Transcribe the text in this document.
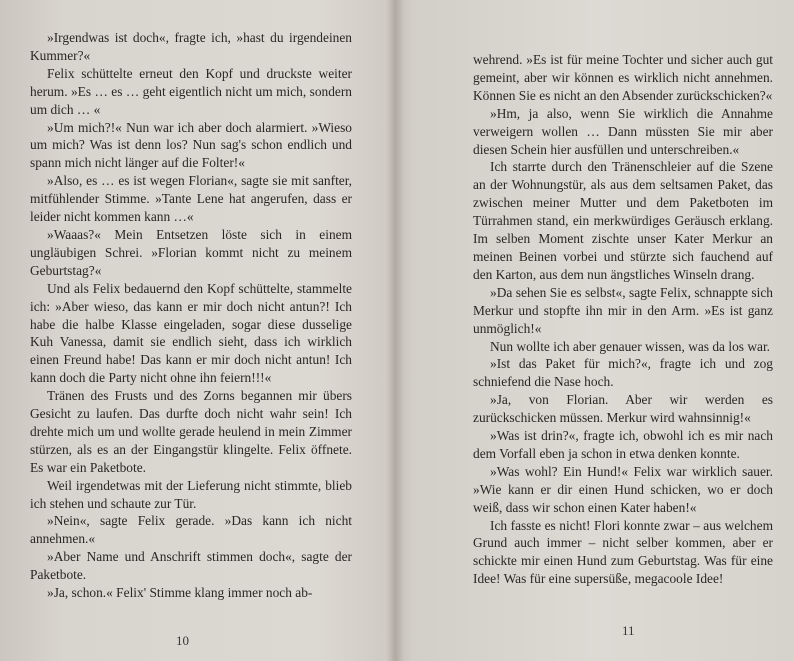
»Irgendwas ist doch«, fragte ich, »hast du irgendeinen Kummer?«

Felix schüttelte erneut den Kopf und druckste weiter herum. »Es … es … geht eigentlich nicht um mich, sondern um dich … «

»Um mich?!« Nun war ich aber doch alarmiert. »Wieso um mich? Was ist denn los? Nun sag's schon endlich und spann mich nicht länger auf die Folter!«

»Also, es … es ist wegen Florian«, sagte sie mit sanfter, mitfühlender Stimme. »Tante Lene hat angerufen, dass er leider nicht kommen kann …«

»Waaas?« Mein Entsetzen löste sich in einem ungläubigen Schrei. »Florian kommt nicht zu meinem Geburtstag?«

Und als Felix bedauernd den Kopf schüttelte, stammelte ich: »Aber wieso, das kann er mir doch nicht antun?! Ich habe die halbe Klasse eingeladen, sogar diese dusselige Kuh Vanessa, damit sie endlich sieht, dass ich wirklich einen Freund habe! Das kann er mir doch nicht antun! Ich kann doch die Party nicht ohne ihn feiern!!!«

Tränen des Frusts und des Zorns begannen mir übers Gesicht zu laufen. Das durfte doch nicht wahr sein! Ich drehte mich um und wollte gerade heulend in mein Zimmer stürzen, als es an der Eingangstür klingelte. Felix öffnete. Es war ein Paketbote.

Weil irgendetwas mit der Lieferung nicht stimmte, blieb ich stehen und schaute zur Tür.

»Nein«, sagte Felix gerade. »Das kann ich nicht annehmen.«

»Aber Name und Anschrift stimmen doch«, sagte der Paketbote.

»Ja, schon.« Felix' Stimme klang immer noch ab-

10

wehrend. »Es ist für meine Tochter und sicher auch gut gemeint, aber wir können es wirklich nicht annehmen. Können Sie es nicht an den Absender zurückschicken?«

»Hm, ja also, wenn Sie wirklich die Annahme verweigern wollen … Dann müssten Sie mir aber diesen Schein hier ausfüllen und unterschreiben.«

Ich starrte durch den Tränenschleier auf die Szene an der Wohnungstür, als aus dem seltsamen Paket, das zwischen meiner Mutter und dem Paketboten im Türrahmen stand, ein merkwürdiges Geräusch erklang. Im selben Moment zischte unser Kater Merkur an meinen Beinen vorbei und stürzte sich fauchend auf den Karton, aus dem nun ängstliches Winseln drang.

»Da sehen Sie es selbst«, sagte Felix, schnappte sich Merkur und stopfte ihn mir in den Arm. »Es ist ganz unmöglich!«

Nun wollte ich aber genauer wissen, was da los war.

»Ist das Paket für mich?«, fragte ich und zog schniefend die Nase hoch.

»Ja, von Florian. Aber wir werden es zurückschicken müssen. Merkur wird wahnsinnig!«

»Was ist drin?«, fragte ich, obwohl ich es mir nach dem Vorfall eben ja schon in etwa denken konnte.

»Was wohl? Ein Hund!« Felix war wirklich sauer. »Wie kann er dir einen Hund schicken, wo er doch weiß, dass wir schon einen Kater haben!«

Ich fasste es nicht! Flori konnte zwar – aus welchem Grund auch immer – nicht selber kommen, aber er schickte mir einen Hund zum Geburtstag. Was für eine Idee! Was für eine supersüße, megacoole Idee!

11
